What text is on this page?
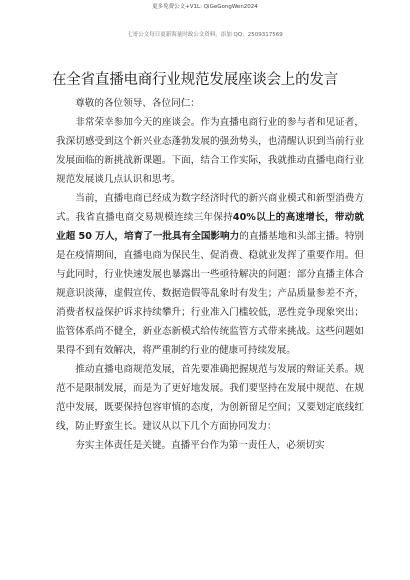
更多免费公文+V1L: QiGeGongWen2024
七哥公文每日更新海量时政公文资料，添加 QQ：2509317569
在全省直播电商行业规范发展座谈会上的发言

尊敬的各位领导、各位同仁：

非常荣幸参加今天的座谈会。作为直播电商行业的参与者和见证者，我深切感受到这个新兴业态蓬勃发展的强劲势头，也清醒认识到当前行业发展面临的新挑战新课题。下面，结合工作实际，我就推动直播电商行业规范发展谈几点认识和思考。

当前，直播电商已经成为数字经济时代的新兴商业模式和新型消费方式。我省直播电商交易规模连续三年保持40%以上的高速增长，带动就业超 50 万人，培育了一批具有全国影响力的直播基地和头部主播。特别是在疫情期间，直播电商为保民生、促消费、稳就业发挥了重要作用。但与此同时，行业快速发展也暴露出一些亟待解决的问题：部分直播主体合规意识淡薄，虚假宣传、数据造假等乱象时有发生；产品质量参差不齐，消费者权益保护诉求持续攀升；行业准入门槛较低，恶性竞争现象突出；监管体系尚不健全，新业态新模式给传统监管方式带来挑战。这些问题如果得不到有效解决，将严重制约行业的健康可持续发展。

推动直播电商规范发展，首先要准确把握规范与发展的辩证关系。规范不是限制发展，而是为了更好地发展。我们要坚持在发展中规范、在规范中发展，既要保持包容审慎的态度，为创新留足空间；又要划定底线红线，防止野蛮生长。建议从以下几个方面协同发力：

夯实主体责任是关键。直播平台作为第一责任人，必须切实
